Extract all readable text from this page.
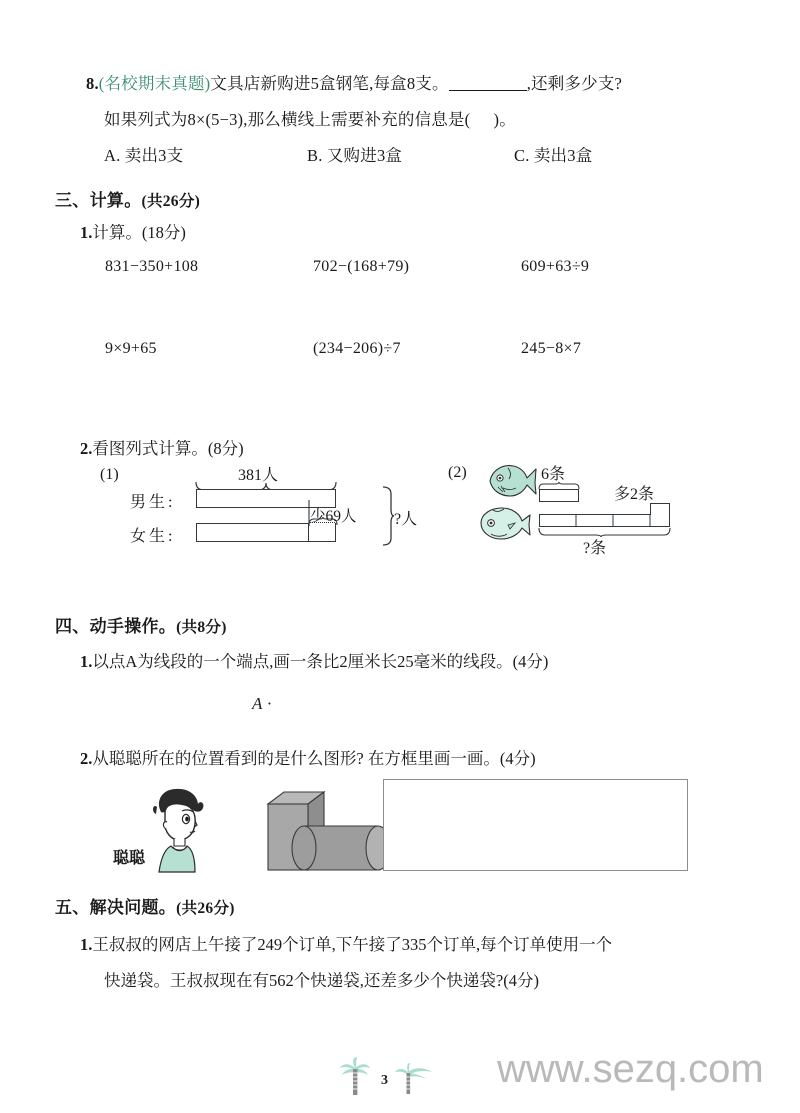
8.(名校期末真题)文具店新购进5盒钢笔,每盒8支。	,还剩多少支?
如果列式为8×(5−3),那么横线上需要补充的信息是( )。
A. 卖出3支	B. 又购进3盒	C. 卖出3盒
三、计算。(共26分)
1.计算。(18分)
831−350+108	702−(168+79)	609+63÷9
9×9+65	(234−206)÷7	245−8×7
2.看图列式计算。(8分)
(1)	381人
男生:
女生:
少69人 ?人
(2)	6条
多2条
?条
四、动手操作。(共8分)
1.以点A为线段的一个端点,画一条比2厘米长25毫米的线段。(4分)
A ·
2.从聪聪所在的位置看到的是什么图形? 在方框里画一画。(4分)
聪聪
五、解决问题。(共26分)
1.王叔叔的网店上午接了249个订单,下午接了335个订单,每个订单使用一个
快递袋。王叔叔现在有562个快递袋,还差多少个快递袋?(4分)
3	www.sezq.com
